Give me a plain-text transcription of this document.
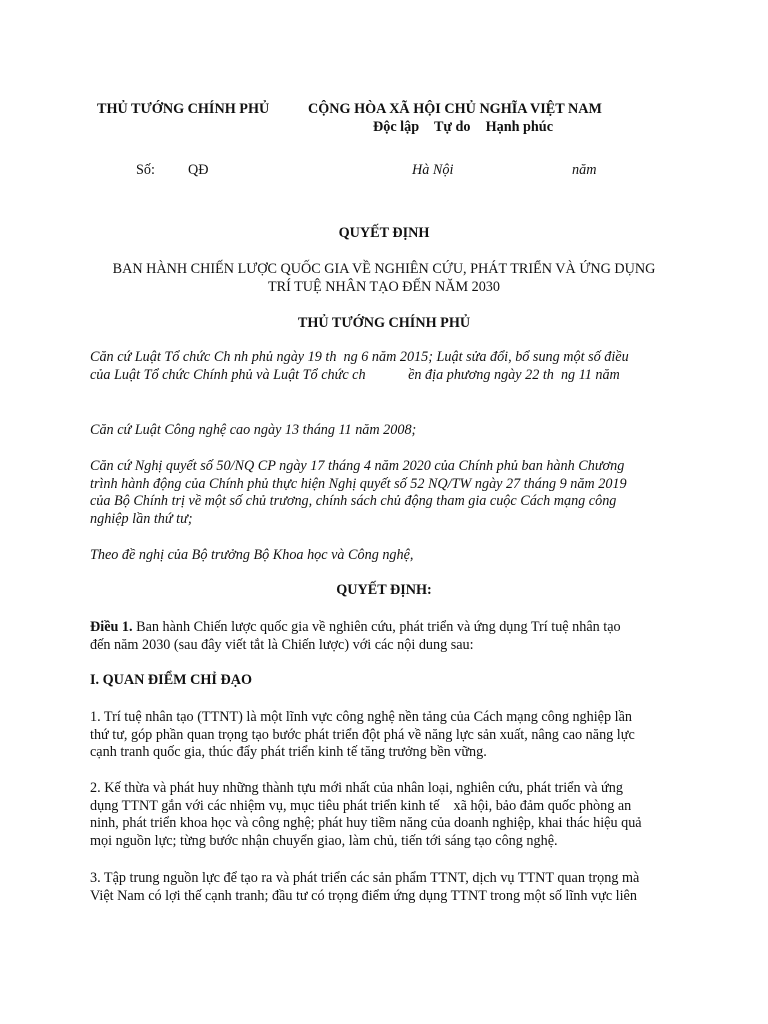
THỦ TƯỚNG CHÍNH PHỦ	CỘNG HÒA XÃ HỘI CHỦ NGHĨA VIỆT NAM
Độc lập Tự do Hạnh phúc
Số: QĐ	Hà Nội	năm
QUYẾT ĐỊNH
BAN HÀNH CHIẾN LƯỢC QUỐC GIA VỀ NGHIÊN CỨU, PHÁT TRIỂN VÀ ỨNG DỤNG
TRÍ TUỆ NHÂN TẠO ĐẾN NĂM 2030
THỦ TƯỚNG CHÍNH PHỦ
Căn cứ Luật Tổ chức Ch nh phủ ngày 19 th  ng 6 năm 2015; Luật sửa đổi, bổ sung một số điều
của Luật Tổ chức Chính phủ và Luật Tổ chức ch            ền địa phương ngày 22 th  ng 11 năm
Căn cứ Luật Công nghệ cao ngày 13 tháng 11 năm 2008;
Căn cứ Nghị quyết số 50/NQ CP ngày 17 tháng 4 năm 2020 của Chính phủ ban hành Chương
trình hành động của Chính phủ thực hiện Nghị quyết số 52 NQ/TW ngày 27 tháng 9 năm 2019
của Bộ Chính trị về một số chủ trương, chính sách chủ động tham gia cuộc Cách mạng công
nghiệp lần thứ tư;
Theo đề nghị của Bộ trưởng Bộ Khoa học và Công nghệ,
QUYẾT ĐỊNH:
Điều 1. Ban hành Chiến lược quốc gia về nghiên cứu, phát triển và ứng dụng Trí tuệ nhân tạo
đến năm 2030 (sau đây viết tắt là Chiến lược) với các nội dung sau:
I. QUAN ĐIỂM CHỈ ĐẠO
1. Trí tuệ nhân tạo (TTNT) là một lĩnh vực công nghệ nền tảng của Cách mạng công nghiệp lần
thứ tư, góp phần quan trọng tạo bước phát triển đột phá về năng lực sản xuất, nâng cao năng lực
cạnh tranh quốc gia, thúc đẩy phát triển kinh tế tăng trưởng bền vững.
2. Kế thừa và phát huy những thành tựu mới nhất của nhân loại, nghiên cứu, phát triển và ứng
dụng TTNT gắn với các nhiệm vụ, mục tiêu phát triển kinh tế    xã hội, bảo đảm quốc phòng an
ninh, phát triển khoa học và công nghệ; phát huy tiềm năng của doanh nghiệp, khai thác hiệu quả
mọi nguồn lực; từng bước nhận chuyển giao, làm chủ, tiến tới sáng tạo công nghệ.
3. Tập trung nguồn lực để tạo ra và phát triển các sản phẩm TTNT, dịch vụ TTNT quan trọng mà
Việt Nam có lợi thế cạnh tranh; đầu tư có trọng điểm ứng dụng TTNT trong một số lĩnh vực liên
